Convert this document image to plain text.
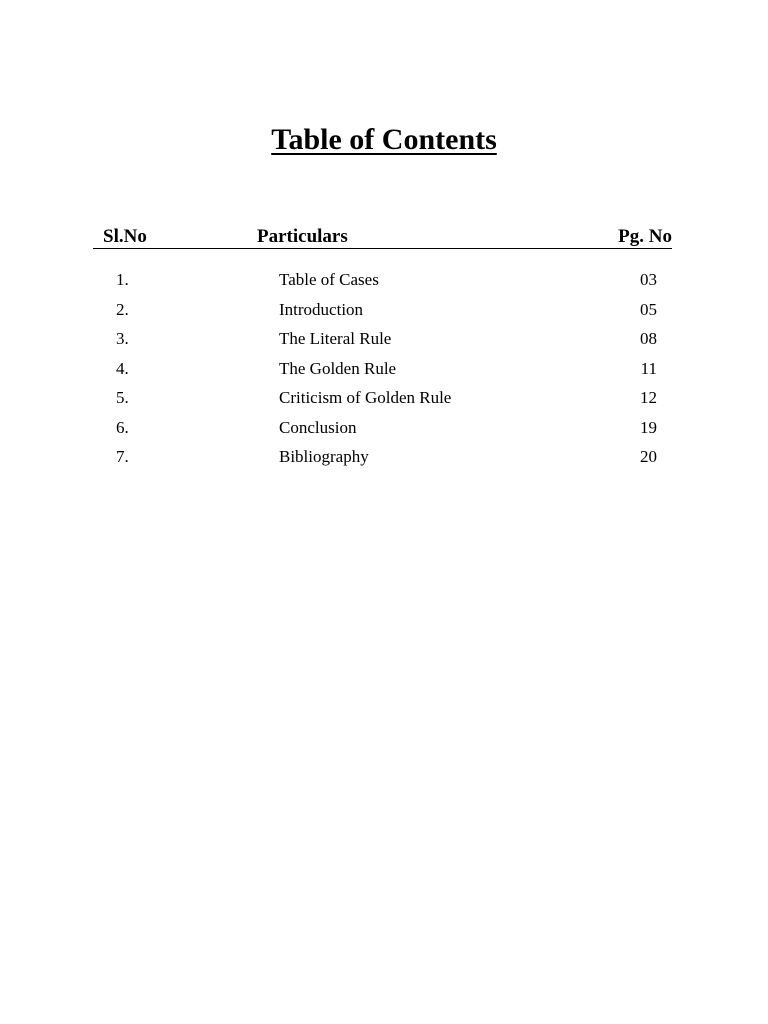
Table of Contents
Sl.No	Particulars	Pg. No
1.	Table of Cases	03
2.	Introduction	05
3.	The Literal Rule	08
4.	The Golden Rule	11
5.	Criticism of Golden Rule	12
6.	Conclusion	19
7.	Bibliography	20
